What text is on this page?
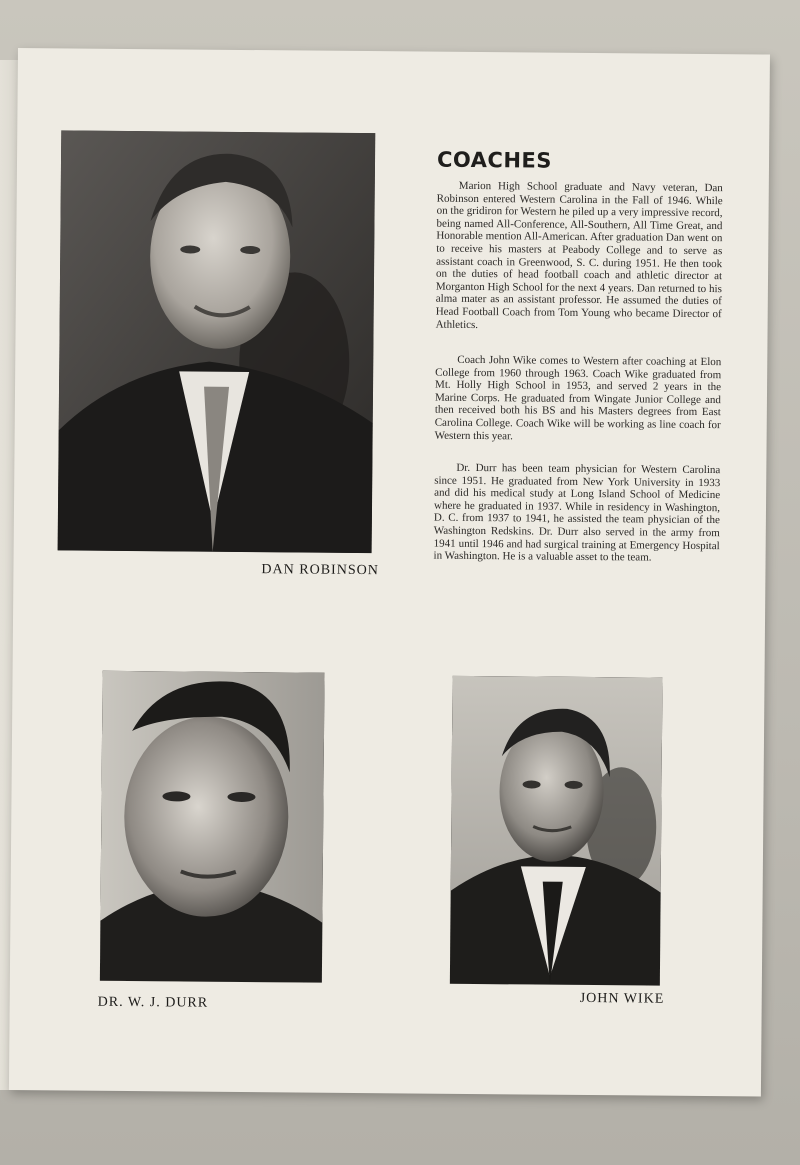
DAN ROBINSON
COACHES

Marion High School graduate and Navy veteran, Dan Robinson entered Western Carolina in the Fall of 1946. While on the gridiron for Western he piled up a very impressive record, being named All-Conference, All-Southern, All Time Great, and Honorable mention All-American. After graduation Dan went on to receive his masters at Peabody College and to serve as assistant coach in Greenwood, S. C. during 1951. He then took on the duties of head football coach and athletic director at Morganton High School for the next 4 years. Dan returned to his alma mater as an assistant professor. He assumed the duties of Head Football Coach from Tom Young who became Director of Athletics.

Coach John Wike comes to Western after coaching at Elon College from 1960 through 1963. Coach Wike graduated from Mt. Holly High School in 1953, and served 2 years in the Marine Corps. He graduated from Wingate Junior College and then received both his BS and his Masters degrees from East Carolina College. Coach Wike will be working as line coach for Western this year.

Dr. Durr has been team physician for Western Carolina since 1951. He graduated from New York University in 1933 and did his medical study at Long Island School of Medicine where he graduated in 1937. While in residency in Washington, D. C. from 1937 to 1941, he assisted the team physician of the Washington Redskins. Dr. Durr also served in the army from 1941 until 1946 and had surgical training at Emergency Hospital in Washington. He is a valuable asset to the team.

DR. W. J. DURR	JOHN WIKE
